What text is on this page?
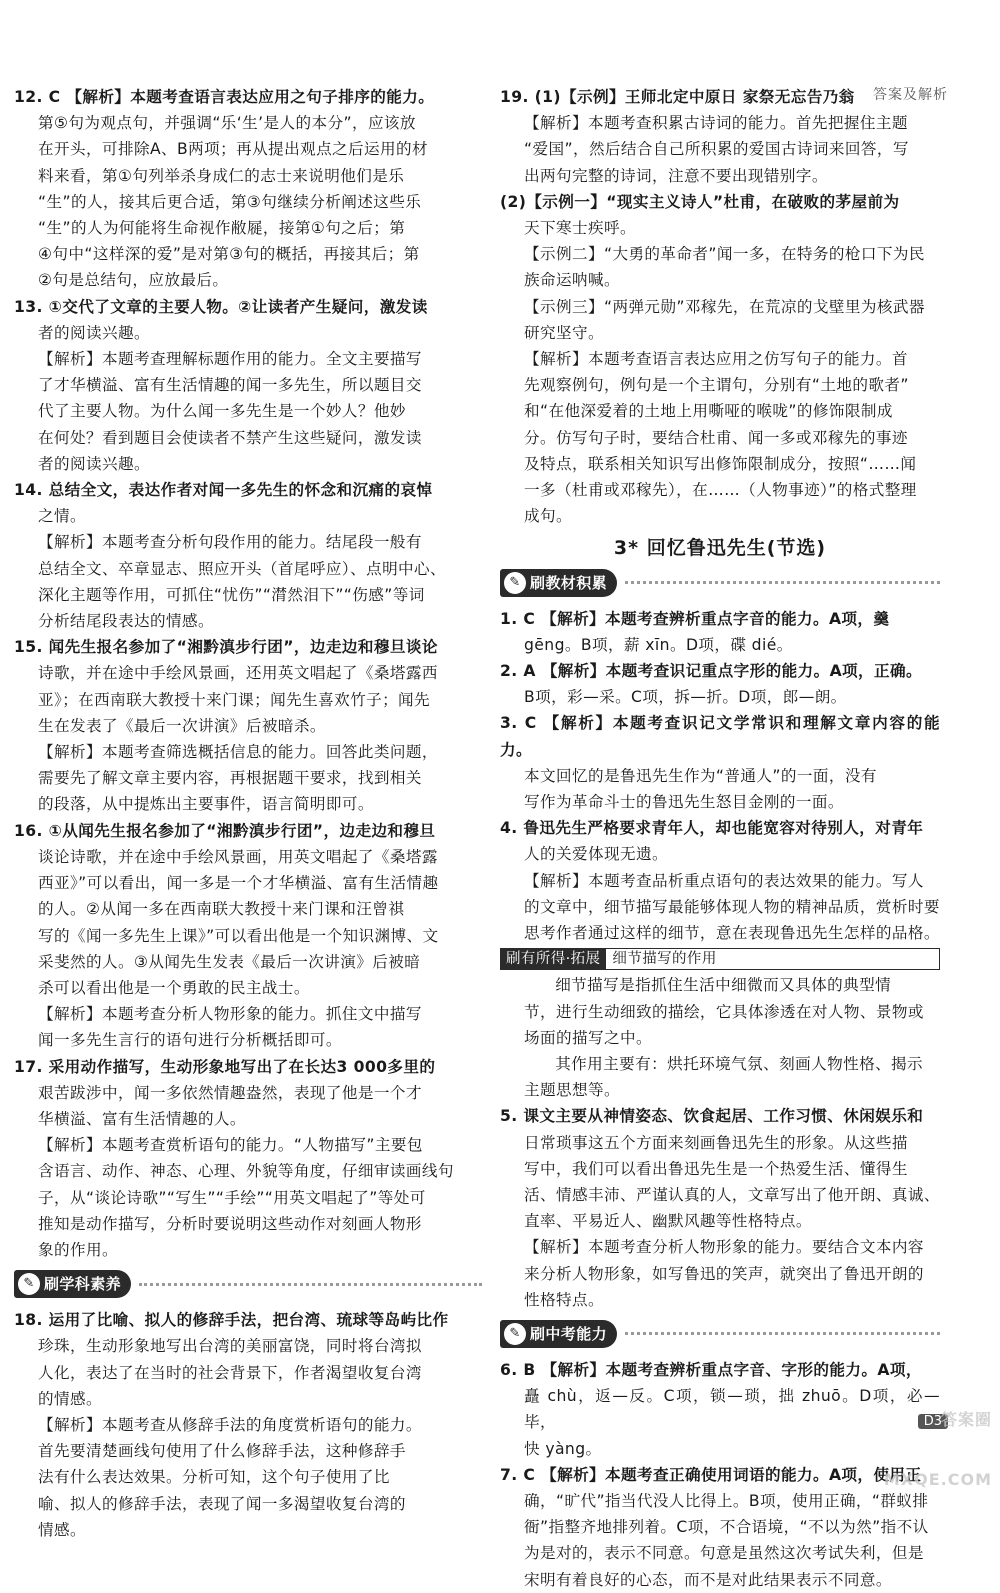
答案及解析

12. C 【解析】本题考查语言表达应用之句子排序的能力。

第⑤句为观点句，并强调“乐‘生’是人的本分”，应该放

在开头，可排除A、B两项；再从提出观点之后运用的材

料来看，第①句列举杀身成仁的志士来说明他们是乐

“生”的人，接其后更合适，第③句继续分析阐述这些乐

“生”的人为何能将生命视作敝屣，接第①句之后；第

④句中“这样深的爱”是对第③句的概括，再接其后；第

②句是总结句，应放最后。

13. ①交代了文章的主要人物。②让读者产生疑问，激发读

者的阅读兴趣。

【解析】本题考查理解标题作用的能力。全文主要描写

了才华横溢、富有生活情趣的闻一多先生，所以题目交

代了主要人物。为什么闻一多先生是一个妙人？他妙

在何处？看到题目会使读者不禁产生这些疑问，激发读

者的阅读兴趣。

14. 总结全文，表达作者对闻一多先生的怀念和沉痛的哀悼

之情。

【解析】本题考查分析句段作用的能力。结尾段一般有

总结全文、卒章显志、照应开头（首尾呼应）、点明中心、

深化主题等作用，可抓住“忧伤”“潸然泪下”“伤感”等词

分析结尾段表达的情感。

15. 闻先生报名参加了“湘黔滇步行团”，边走边和穆旦谈论

诗歌，并在途中手绘风景画，还用英文唱起了《桑塔露西

亚》；在西南联大教授十来门课；闻先生喜欢竹子；闻先

生在发表了《最后一次讲演》后被暗杀。

【解析】本题考查筛选概括信息的能力。回答此类问题，

需要先了解文章主要内容，再根据题干要求，找到相关

的段落，从中提炼出主要事件，语言简明即可。

16. ①从闻先生报名参加了“湘黔滇步行团”，边走边和穆旦

谈论诗歌，并在途中手绘风景画，用英文唱起了《桑塔露

西亚》”可以看出，闻一多是一个才华横溢、富有生活情趣

的人。②从闻一多在西南联大教授十来门课和汪曾祺

写的《闻一多先生上课》”可以看出他是一个知识渊博、文

采斐然的人。③从闻先生发表《最后一次讲演》后被暗

杀可以看出他是一个勇敢的民主战士。

【解析】本题考查分析人物形象的能力。抓住文中描写

闻一多先生言行的语句进行分析概括即可。

17. 采用动作描写，生动形象地写出了在长达3 000多里的

艰苦跋涉中，闻一多依然情趣盎然，表现了他是一个才

华横溢、富有生活情趣的人。

【解析】本题考查赏析语句的能力。“人物描写”主要包

含语言、动作、神态、心理、外貌等角度，仔细审读画线句

子，从“谈论诗歌”“写生”“手绘”“用英文唱起了”等处可

推知是动作描写，分析时要说明这些动作对刻画人物形

象的作用。

✎ 刷学科素养

18. 运用了比喻、拟人的修辞手法，把台湾、琉球等岛屿比作

珍珠，生动形象地写出台湾的美丽富饶，同时将台湾拟

人化，表达了在当时的社会背景下，作者渴望收复台湾

的情感。

【解析】本题考查从修辞手法的角度赏析语句的能力。

首先要清楚画线句使用了什么修辞手法，这种修辞手

法有什么表达效果。分析可知，这个句子使用了比

喻、拟人的修辞手法，表现了闻一多渴望收复台湾的

情感。

19. (1)【示例】王师北定中原日 家祭无忘告乃翁

【解析】本题考查积累古诗词的能力。首先把握住主题

“爱国”，然后结合自己所积累的爱国古诗词来回答，写

出两句完整的诗词，注意不要出现错别字。

(2)【示例一】“现实主义诗人”杜甫，在破败的茅屋前为

天下寒士疾呼。

【示例二】“大勇的革命者”闻一多，在特务的枪口下为民

族命运呐喊。

【示例三】“两弹元勋”邓稼先，在荒凉的戈壁里为核武器

研究坚守。

【解析】本题考查语言表达应用之仿写句子的能力。首

先观察例句，例句是一个主谓句，分别有“土地的歌者”

和“在他深爱着的土地上用嘶哑的喉咙”的修饰限制成

分。仿写句子时，要结合杜甫、闻一多或邓稼先的事迹

及特点，联系相关知识写出修饰限制成分，按照“……闻

一多（杜甫或邓稼先），在……（人物事迹）”的格式整理

成句。

3* 回忆鲁迅先生(节选)
✎ 刷教材积累

1. C 【解析】本题考查辨析重点字音的能力。A项，羹

gēng。B项，薪 xīn。D项，碟 dié。

2. A 【解析】本题考查识记重点字形的能力。A项，正确。

B项，彩—采。C项，拆—折。D项，郎—朗。

3. C 【解析】本题考查识记文学常识和理解文章内容的能力。

本文回忆的是鲁迅先生作为“普通人”的一面，没有

写作为革命斗士的鲁迅先生怒目金刚的一面。

4. 鲁迅先生严格要求青年人，却也能宽容对待别人，对青年

人的关爱体现无遗。

【解析】本题考查品析重点语句的表达效果的能力。写人

的文章中，细节描写最能够体现人物的精神品质，赏析时要

思考作者通过这样的细节，意在表现鲁迅先生怎样的品格。

刷有所得·拓展 细节描写的作用

细节描写是指抓住生活中细微而又具体的典型情

节，进行生动细致的描绘，它具体渗透在对人物、景物或

场面的描写之中。

其作用主要有：烘托环境气氛、刻画人物性格、揭示

主题思想等。

5. 课文主要从神情姿态、饮食起居、工作习惯、休闲娱乐和

日常琐事这五个方面来刻画鲁迅先生的形象。从这些描

写中，我们可以看出鲁迅先生是一个热爱生活、懂得生

活、情感丰沛、严谨认真的人，文章写出了他开朗、真诚、

直率、平易近人、幽默风趣等性格特点。

【解析】本题考查分析人物形象的能力。要结合文本内容

来分析人物形象，如写鲁迅的笑声，就突出了鲁迅开朗的

性格特点。

✎ 刷中考能力

6. B 【解析】本题考查辨析重点字音、字形的能力。A项，

矗 chù，返—反。C项，锁—琐，拙 zhuō。D项，必—毕，

快 yàng。

7. C 【解析】本题考查正确使用词语的能力。A项，使用正

确，“旷代”指当代没人比得上。B项，使用正确，“群蚁排

衙”指整齐地排列着。C项，不合语境，“不以为然”指不认

为是对的，表示不同意。句意是虽然这次考试失利，但是

宋明有着良好的心态，而不是对此结果表示不同意。

D3
答案圈 MXQE.COM
